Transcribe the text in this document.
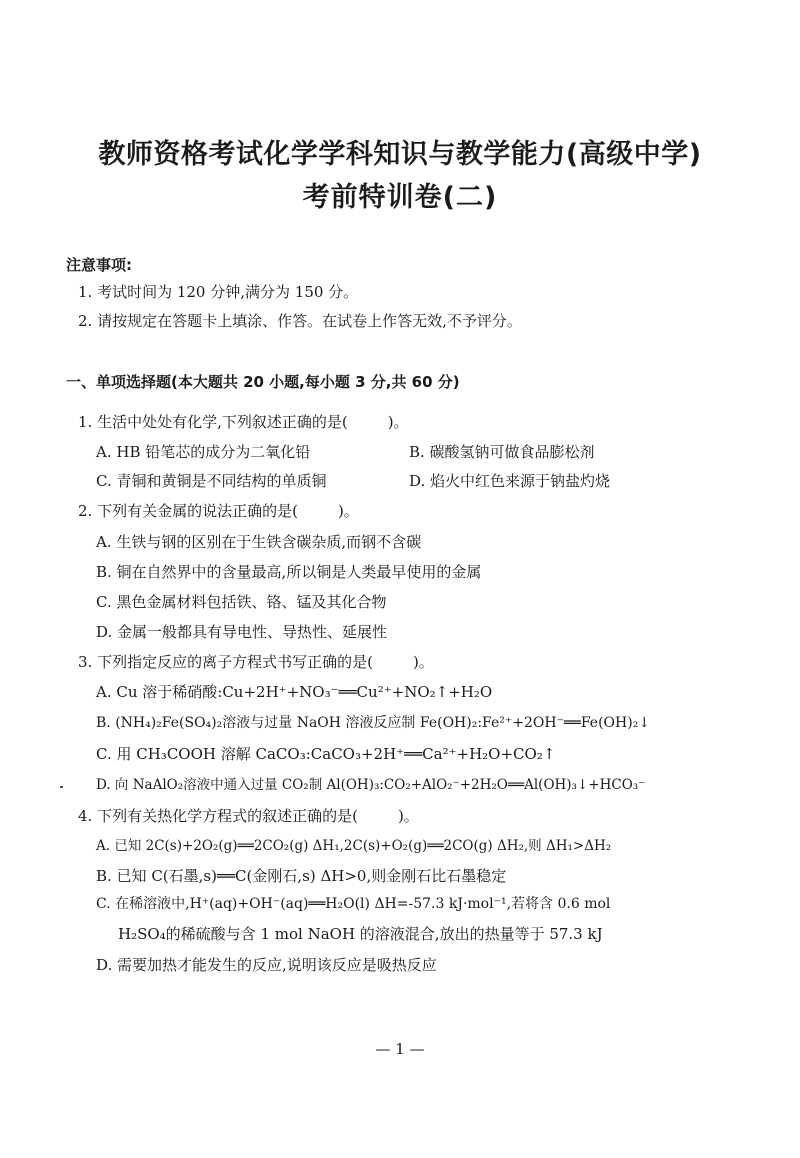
教师资格考试化学学科知识与教学能力(高级中学)
考前特训卷(二)
注意事项:
1. 考试时间为 120 分钟,满分为 150 分。
2. 请按规定在答题卡上填涂、作答。在试卷上作答无效,不予评分。
一、单项选择题(本大题共 20 小题,每小题 3 分,共 60 分)
1. 生活中处处有化学,下列叙述正确的是(	)。
A. HB 铅笔芯的成分为二氧化铅	B. 碳酸氢钠可做食品膨松剂
C. 青铜和黄铜是不同结构的单质铜	D. 焰火中红色来源于钠盐灼烧
2. 下列有关金属的说法正确的是(	)。
A. 生铁与钢的区别在于生铁含碳杂质,而钢不含碳
B. 铜在自然界中的含量最高,所以铜是人类最早使用的金属
C. 黑色金属材料包括铁、铬、锰及其化合物
D. 金属一般都具有导电性、导热性、延展性
3. 下列指定反应的离子方程式书写正确的是(	)。
A. Cu 溶于稀硝酸:Cu+2H⁺+NO₃⁻══Cu²⁺+NO₂↑+H₂O
B. (NH₄)₂Fe(SO₄)₂溶液与过量 NaOH 溶液反应制 Fe(OH)₂:Fe²⁺+2OH⁻══Fe(OH)₂↓
C. 用 CH₃COOH 溶解 CaCO₃:CaCO₃+2H⁺══Ca²⁺+H₂O+CO₂↑
D. 向 NaAlO₂溶液中通入过量 CO₂制 Al(OH)₃:CO₂+AlO₂⁻+2H₂O══Al(OH)₃↓+HCO₃⁻
4. 下列有关热化学方程式的叙述正确的是(	)。
A. 已知 2C(s)+2O₂(g)══2CO₂(g) ΔH₁,2C(s)+O₂(g)══2CO(g) ΔH₂,则 ΔH₁>ΔH₂
B. 已知 C(石墨,s)══C(金刚石,s) ΔH>0,则金刚石比石墨稳定
C. 在稀溶液中,H⁺(aq)+OH⁻(aq)══H₂O(l) ΔH=-57.3 kJ·mol⁻¹,若将含 0.6 mol
H₂SO₄的稀硫酸与含 1 mol NaOH 的溶液混合,放出的热量等于 57.3 kJ
D. 需要加热才能发生的反应,说明该反应是吸热反应
— 1 —
